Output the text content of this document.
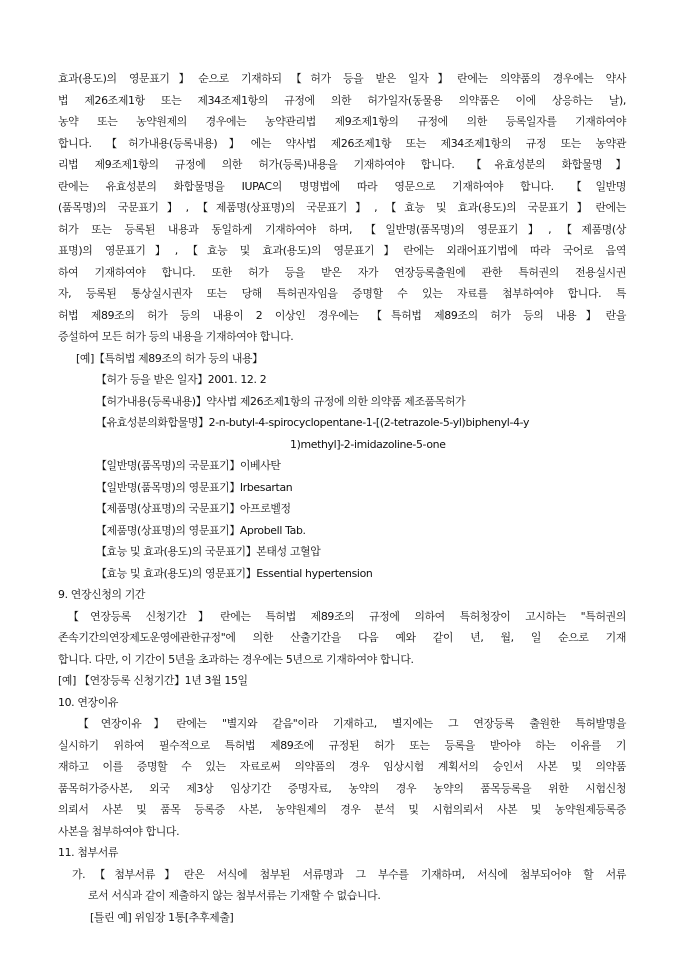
효과(용도)의 영문표기】순으로 기재하되【허가 등을 받은 일자】란에는 의약품의 경우에는 약사

법 제26조제1항 또는 제34조제1항의 규정에 의한 허가일자(동물용 의약품은 이에 상응하는 날),

농약 또는 농약원제의 경우에는 농약관리법 제9조제1항의 규정에 의한 등록일자를 기재하여야

합니다. 【허가내용(등록내용)】에는 약사법 제26조제1항 또는 제34조제1항의 규정 또는 농약관

리법 제9조제1항의 규정에 의한 허가(등록)내용을 기재하여야 합니다. 【유효성분의 화합물명】

란에는 유효성분의 화합물명을 IUPAC의 명명법에 따라 영문으로 기재하여야 합니다. 【일반명

(품목명)의 국문표기】,【제품명(상표명)의 국문표기】,【효능 및 효과(용도)의 국문표기】란에는

허가 또는 등록된 내용과 동일하게 기재하여야 하며, 【일반명(품목명)의 영문표기】,【제품명(상

표명)의 영문표기】,【효능 및 효과(용도)의 영문표기】란에는 외래어표기법에 따라 국어로 음역

하여 기재하여야 합니다. 또한 허가 등을 받은 자가 연장등록출원에 관한 특허권의 전용실시권

자, 등록된 통상실시권자 또는 당해 특허권자임을 증명할 수 있는 자료를 첨부하여야 합니다. 특

허법 제89조의 허가 등의 내용이 2 이상인 경우에는 【특허법 제89조의 허가 등의 내용】란을

증설하여 모든 허가 등의 내용을 기재하여야 합니다.

[예]【특허법 제89조의 허가 등의 내용】
【허가 등을 받은 일자】2001. 12. 2
【허가내용(등록내용)】약사법 제26조제1항의 규정에 의한 의약품 제조품목허가
【유효성분의화합물명】2-n-butyl-4-spirocyclopentane-1-[(2-tetrazole-5-yl)biphenyl-4-y
1)methyl]-2-imidazoline-5-one
【일반명(품목명)의 국문표기】이베사탄
【일반명(품목명)의 영문표기】Irbesartan
【제품명(상표명)의 국문표기】아프로벨정
【제품명(상표명)의 영문표기】Aprobell Tab.
【효능 및 효과(용도)의 국문표기】본태성 고혈압
【효능 및 효과(용도)의 영문표기】Essential hypertension
9. 연장신청의 기간

【연장등록 신청기간】란에는 특허법 제89조의 규정에 의하여 특허청장이 고시하는 "특허권의

존속기간의연장제도운영에관한규정"에 의한 산출기간을 다음 예와 같이 년, 월, 일 순으로 기재

합니다. 다만, 이 기간이 5년을 초과하는 경우에는 5년으로 기재하여야 합니다.

[예] 【연장등록 신청기간】1년 3월 15일
10. 연장이유

【연장이유】란에는 "별지와 같음"이라 기재하고, 별지에는 그 연장등록 출원한 특허발명을

실시하기 위하여 필수적으로 특허법 제89조에 규정된 허가 또는 등록을 받아야 하는 이유를 기

재하고 이를 증명할 수 있는 자료로써 의약품의 경우 임상시험 계획서의 승인서 사본 및 의약품

품목허가증사본, 외국 제3상 임상기간 증명자료, 농약의 경우 농약의 품목등록을 위한 시험신청

의뢰서 사본 및 품목 등록증 사본, 농약원제의 경우 분석 및 시험의뢰서 사본 및 농약원제등록증

사본을 첨부하여야 합니다.

11. 첨부서류

가.【첨부서류】란은 서식에 첨부된 서류명과 그 부수를 기재하며, 서식에 첨부되어야 할 서류

로서 서식과 같이 제출하지 않는 첨부서류는 기재할 수 없습니다.

[틀린 예] 위임장 1통[추후제출]
